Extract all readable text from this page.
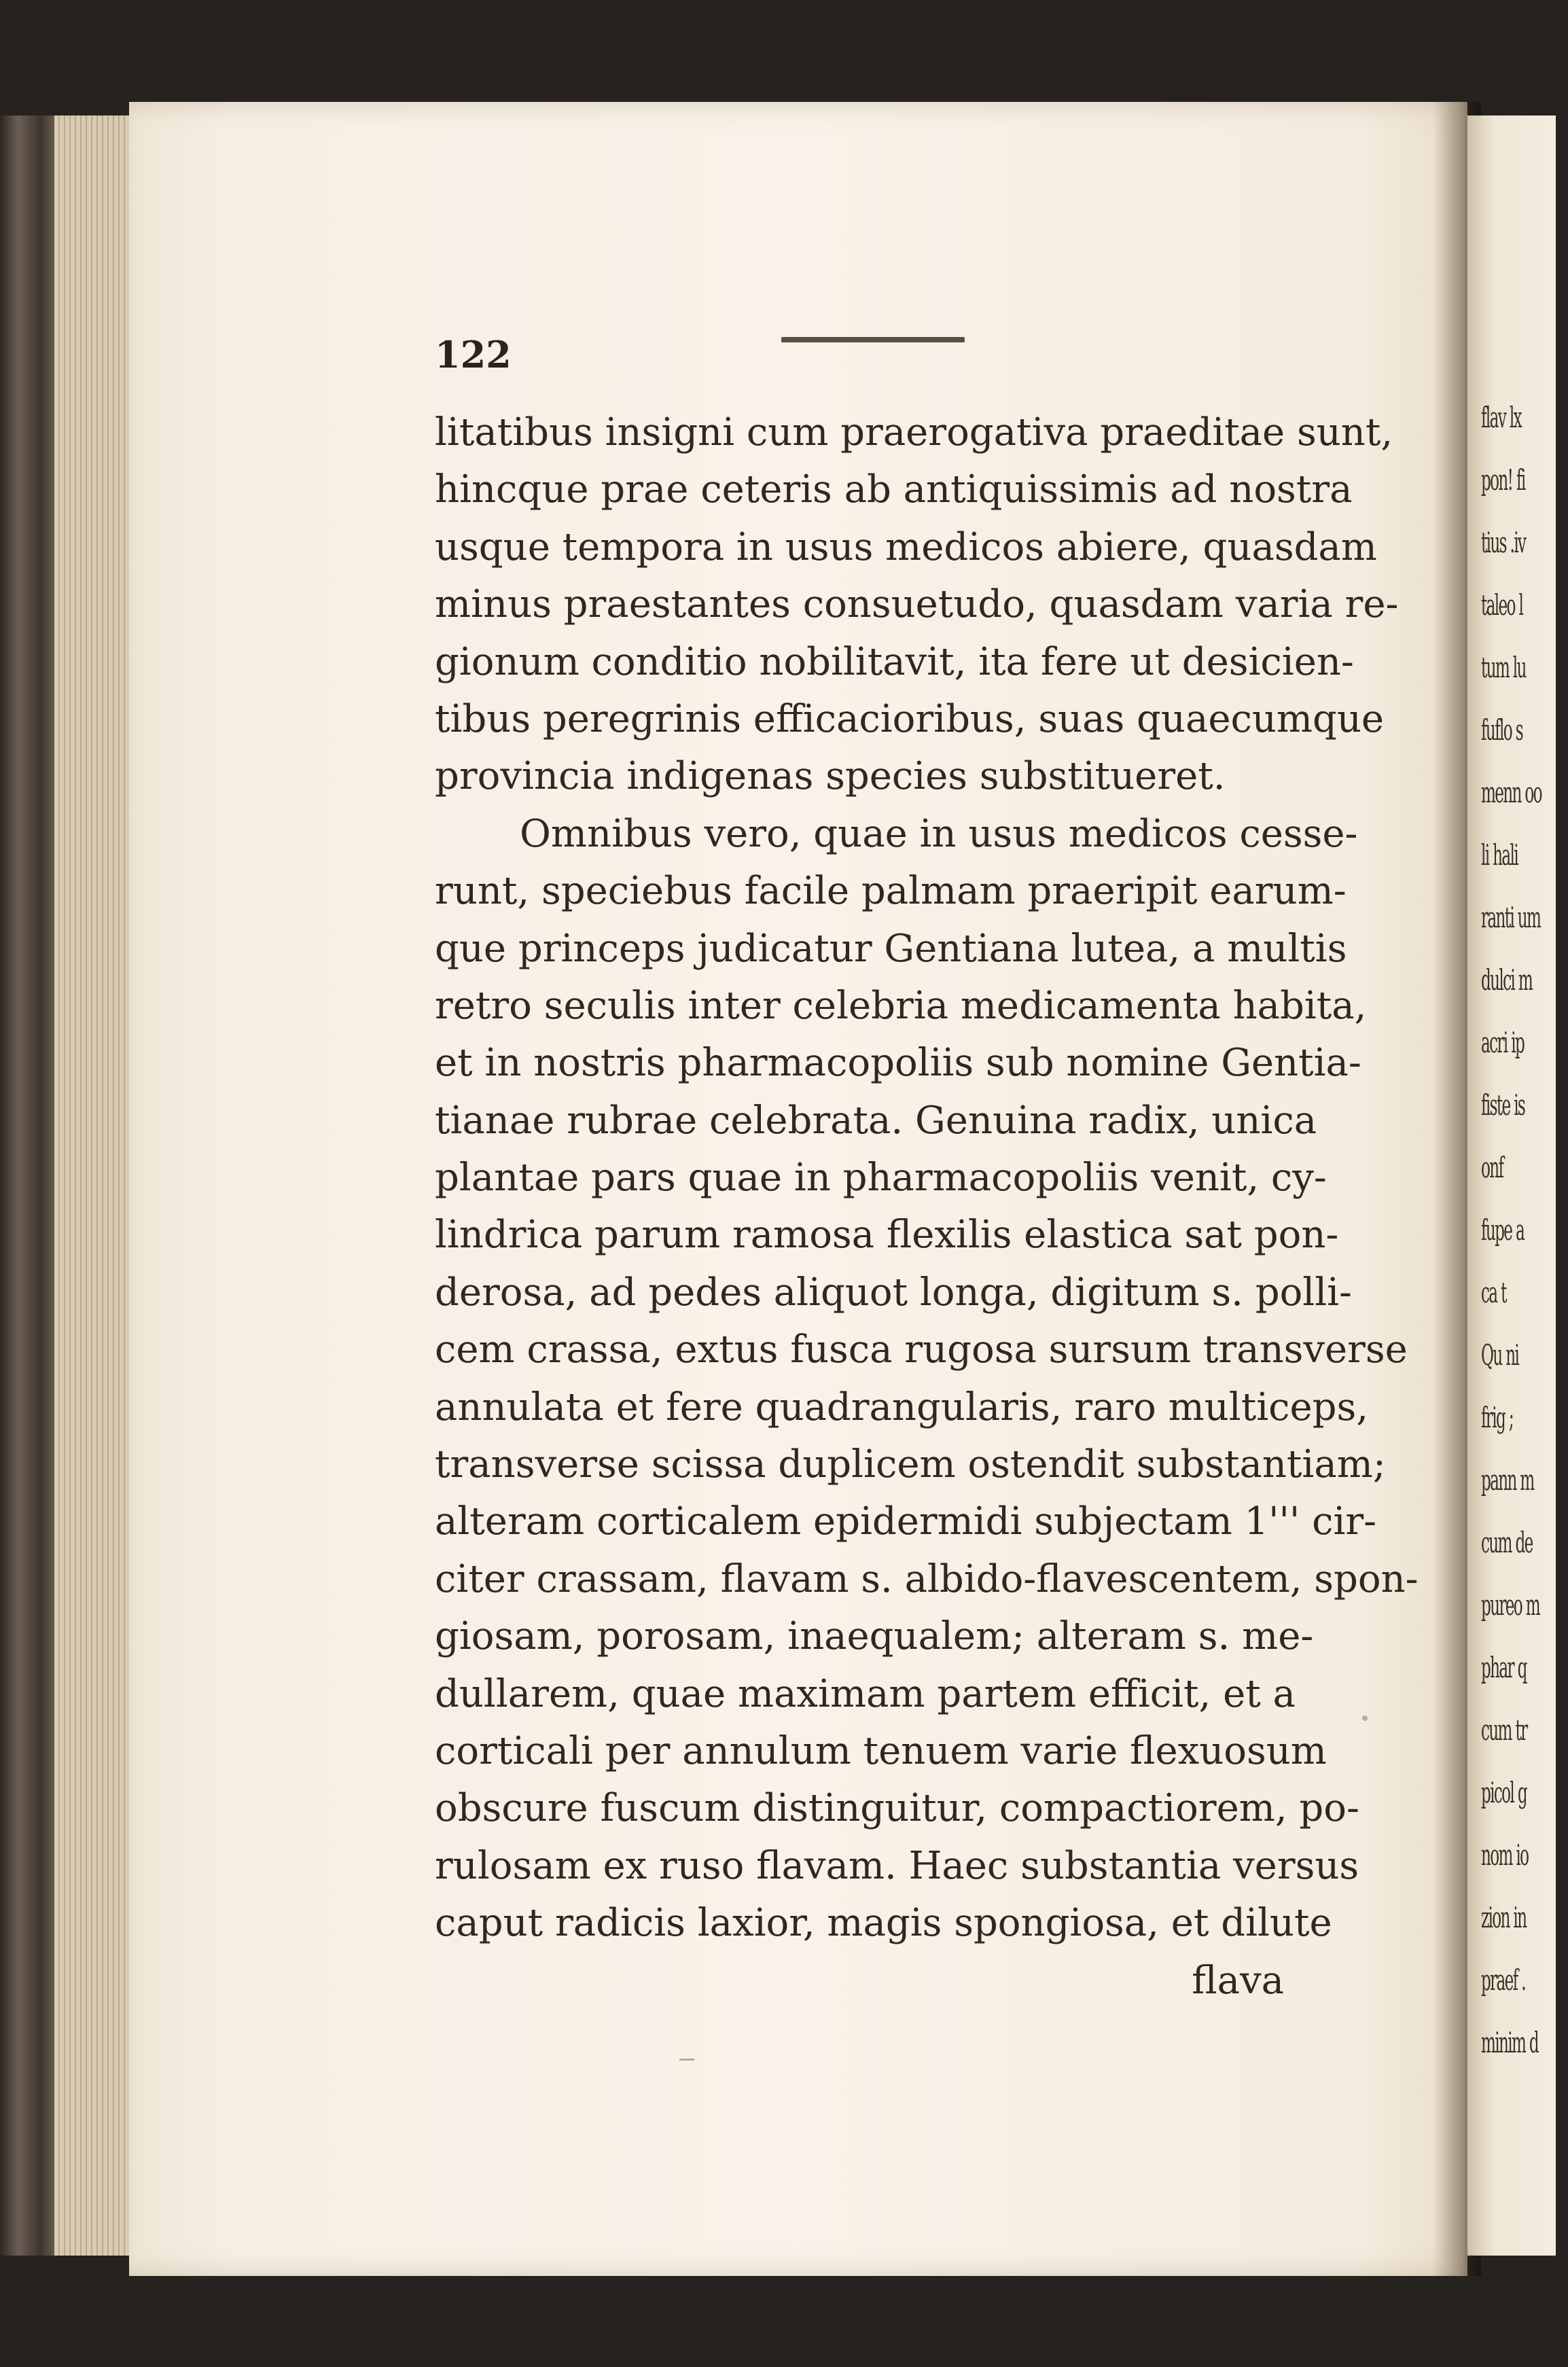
flav lx
pon! fi
tius .iv
taleo l
tum lu
fuflo s
menn oo
li hali
ranti um
dulci m
acri ip
fiste is
onf
fupe a
ca t
Qu ni
frig ;
pann m
cum de
pureo m
phar q
cum tr
picol g
nom io
zion in
praef .
minim d
122
litatibus insigni cum praerogativa praeditae sunt,
hincque prae ceteris ab antiquissimis ad nostra
usque tempora in usus medicos abiere, quasdam
minus praestantes consuetudo, quasdam varia re-
gionum conditio nobilitavit, ita fere ut desicien-
tibus peregrinis efficacioribus, suas quaecumque
provincia indigenas species substitueret.
Omnibus vero, quae in usus medicos cesse-
runt, speciebus facile palmam praeripit earum-
que princeps judicatur Gentiana lutea, a multis
retro seculis inter celebria medicamenta habita,
et in nostris pharmacopoliis sub nomine Gentia-
tianae rubrae celebrata. Genuina radix, unica
plantae pars quae in pharmacopoliis venit, cy-
lindrica parum ramosa flexilis elastica sat pon-
derosa, ad pedes aliquot longa, digitum s. polli-
cem crassa, extus fusca rugosa sursum transverse
annulata et fere quadrangularis, raro multiceps,
transverse scissa duplicem ostendit substantiam;
alteram corticalem epidermidi subjectam 1''' cir-
citer crassam, flavam s. albido-flavescentem, spon-
giosam, porosam, inaequalem; alteram s. me-
dullarem, quae maximam partem efficit, et a
corticali per annulum tenuem varie flexuosum
obscure fuscum distinguitur, compactiorem, po-
rulosam ex ruso flavam. Haec substantia versus
caput radicis laxior, magis spongiosa, et dilute
flava
